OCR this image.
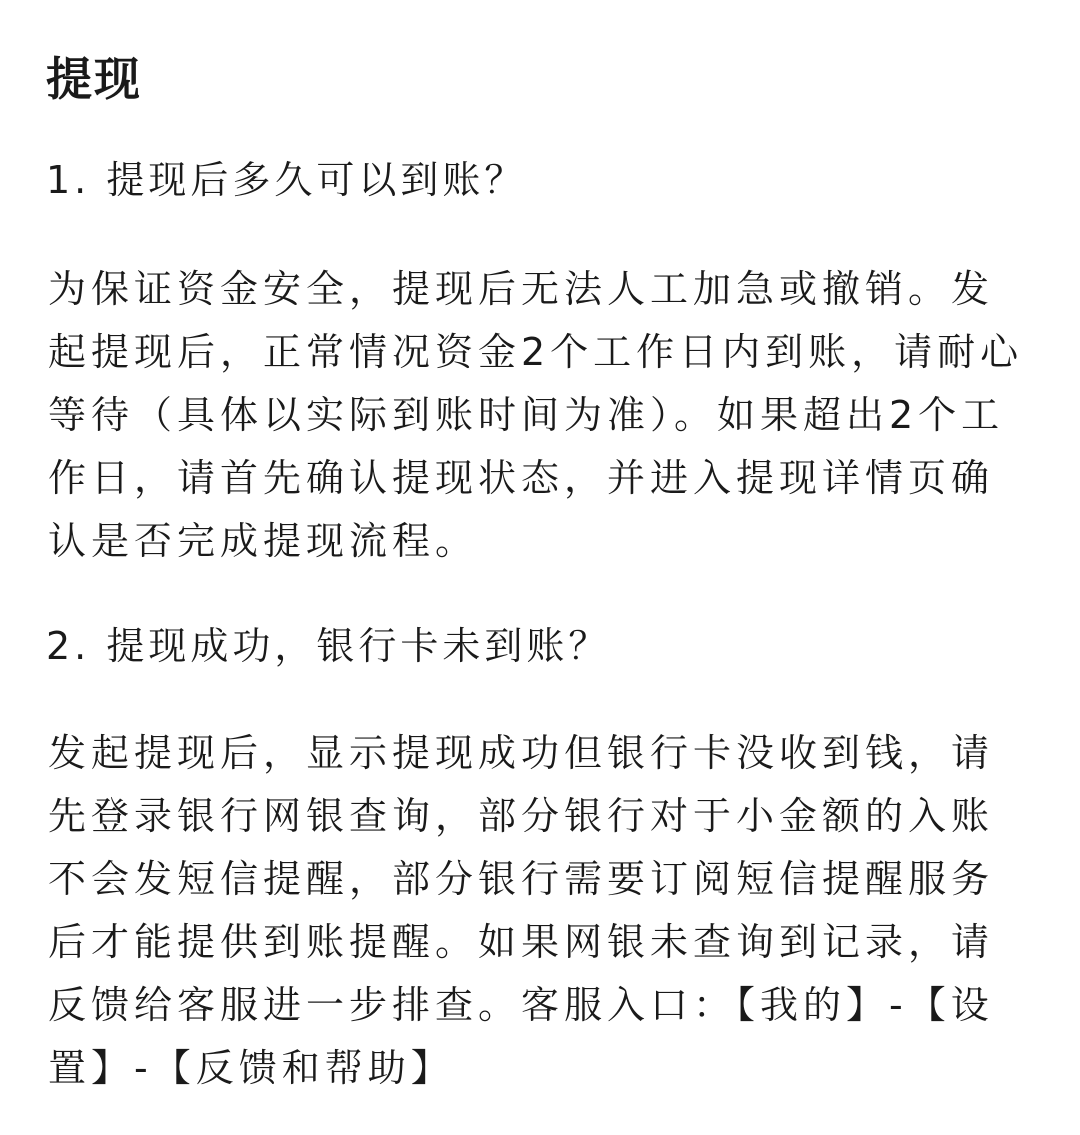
提现
1. 提现后多久可以到账？

为保证资金安全，提现后无法人工加急或撤销。发起提现后，正常情况资金2个工作日内到账，请耐心等待（具体以实际到账时间为准）。如果超出2个工作日，请首先确认提现状态，并进入提现详情页确认是否完成提现流程。

2. 提现成功，银行卡未到账？

发起提现后，显示提现成功但银行卡没收到钱，请先登录银行网银查询，部分银行对于小金额的入账不会发短信提醒，部分银行需要订阅短信提醒服务后才能提供到账提醒。如果网银未查询到记录，请反馈给客服进一步排查。客服入口：【我的】-【设置】-【反馈和帮助】
